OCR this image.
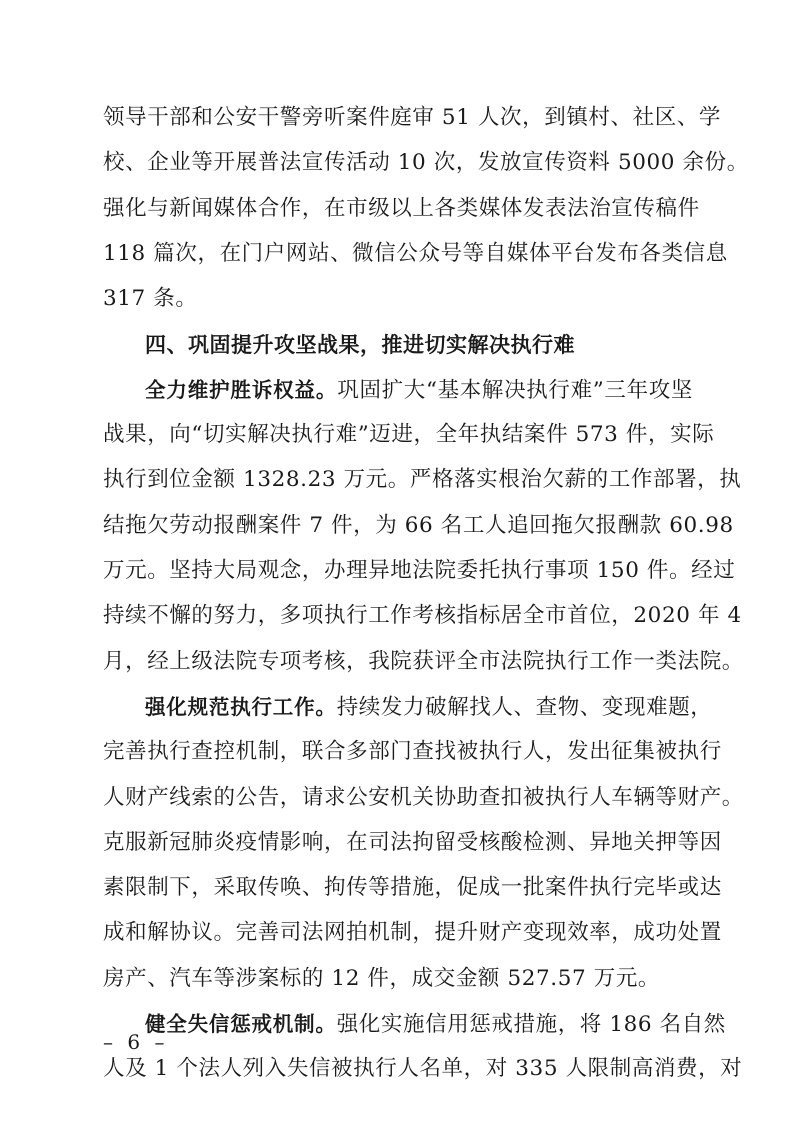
领导干部和公安干警旁听案件庭审 51 人次，到镇村、社区、学
校、企业等开展普法宣传活动 10 次，发放宣传资料 5000 余份。
强化与新闻媒体合作，在市级以上各类媒体发表法治宣传稿件
118 篇次，在门户网站、微信公众号等自媒体平台发布各类信息
317 条。
四、巩固提升攻坚战果，推进切实解决执行难
全力维护胜诉权益。巩固扩大“基本解决执行难”三年攻坚
战果，向“切实解决执行难”迈进，全年执结案件 573 件，实际
执行到位金额 1328.23 万元。严格落实根治欠薪的工作部署，执
结拖欠劳动报酬案件 7 件，为 66 名工人追回拖欠报酬款 60.98
万元。坚持大局观念，办理异地法院委托执行事项 150 件。经过
持续不懈的努力，多项执行工作考核指标居全市首位，2020 年 4
月，经上级法院专项考核，我院获评全市法院执行工作一类法院。
强化规范执行工作。持续发力破解找人、查物、变现难题，
完善执行查控机制，联合多部门查找被执行人，发出征集被执行
人财产线索的公告，请求公安机关协助查扣被执行人车辆等财产。
克服新冠肺炎疫情影响，在司法拘留受核酸检测、异地关押等因
素限制下，采取传唤、拘传等措施，促成一批案件执行完毕或达
成和解协议。完善司法网拍机制，提升财产变现效率，成功处置
房产、汽车等涉案标的 12 件，成交金额 527.57 万元。
健全失信惩戒机制。强化实施信用惩戒措施，将 186 名自然
人及 1 个法人列入失信被执行人名单，对 335 人限制高消费，对
– 6 –
